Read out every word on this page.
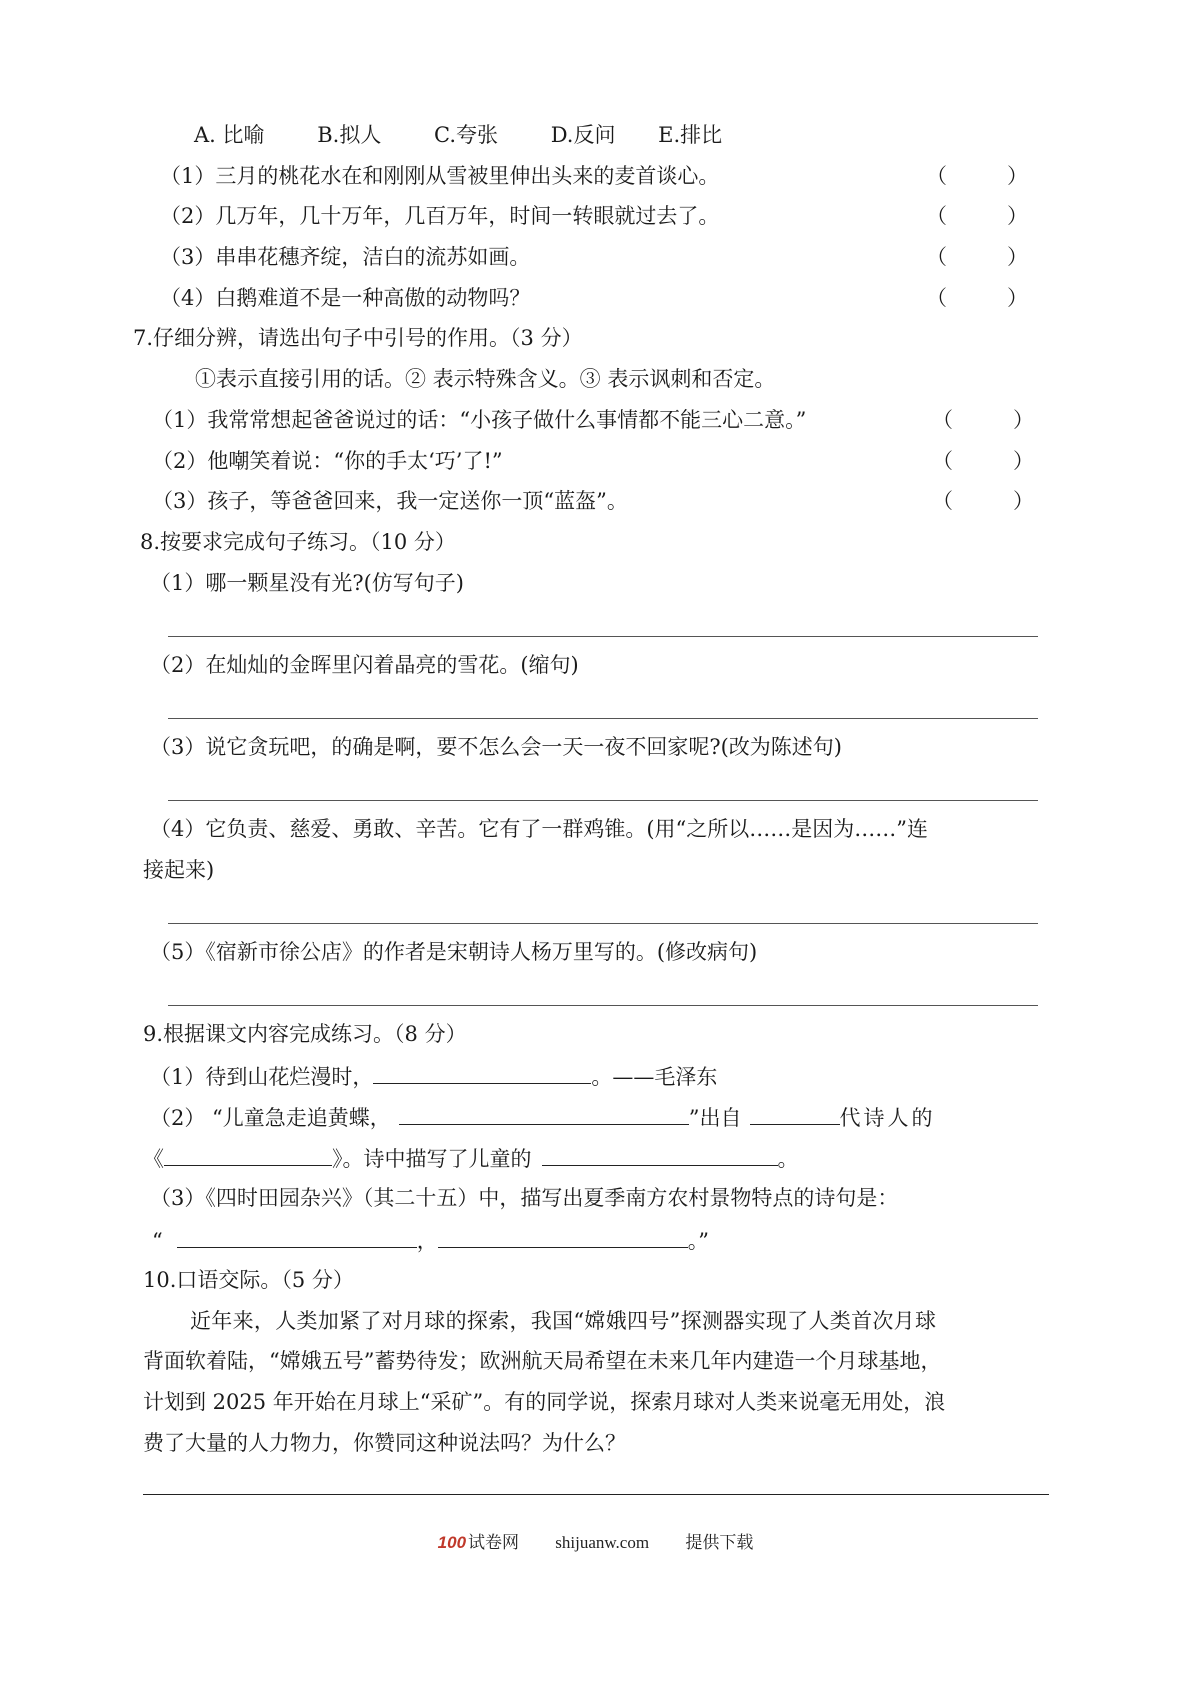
A. 比喻	B.拟人	C.夸张	D.反问 E.排比
（1）三月的桃花水在和刚刚从雪被里伸出头来的麦首谈心。	（	）
（2）几万年，几十万年，几百万年，时间一转眼就过去了。	（	）
（3）串串花穗齐绽，洁白的流苏如画。	（	）
（4）白鹅难道不是一种高傲的动物吗？	（	）
7.仔细分辨，请选出句子中引号的作用。（3 分）
①表示直接引用的话。② 表示特殊含义。③ 表示讽刺和否定。
（1）我常常想起爸爸说过的话：“小孩子做什么事情都不能三心二意。”	（	）
（2）他嘲笑着说：“你的手太‘巧’了!”	（	）
（3）孩子，等爸爸回来，我一定送你一顶“蓝盔”。	（	）
8.按要求完成句子练习。（10 分）
（1）哪一颗星没有光?(仿写句子)
（2）在灿灿的金晖里闪着晶亮的雪花。(缩句)
（3）说它贪玩吧，的确是啊，要不怎么会一天一夜不回家呢?(改为陈述句)
（4）它负责、慈爱、勇敢、辛苦。它有了一群鸡锥。(用“之所以……是因为……”连
接起来)
（5）《宿新市徐公店》的作者是宋朝诗人杨万里写的。(修改病句)
9.根据课文内容完成练习。（8 分）
（1）待到山花烂漫时，	。——毛泽东
（2） “儿童急走追黄蝶，	”出自	代诗人的
《	》。诗中描写了儿童的	。
（3）《四时田园杂兴》（其二十五）中，描写出夏季南方农村景物特点的诗句是：
“	，	。”
10.口语交际。（5 分）
近年来，人类加紧了对月球的探索，我国“嫦娥四号”探测器实现了人类首次月球
背面软着陆，“嫦娥五号”蓄势待发；欧洲航天局希望在未来几年内建造一个月球基地，
计划到 2025 年开始在月球上“采矿”。有的同学说，探索月球对人类来说毫无用处，浪
费了大量的人力物力，你赞同这种说法吗？为什么？
100 试卷网 shijuanw.com 提供下载
